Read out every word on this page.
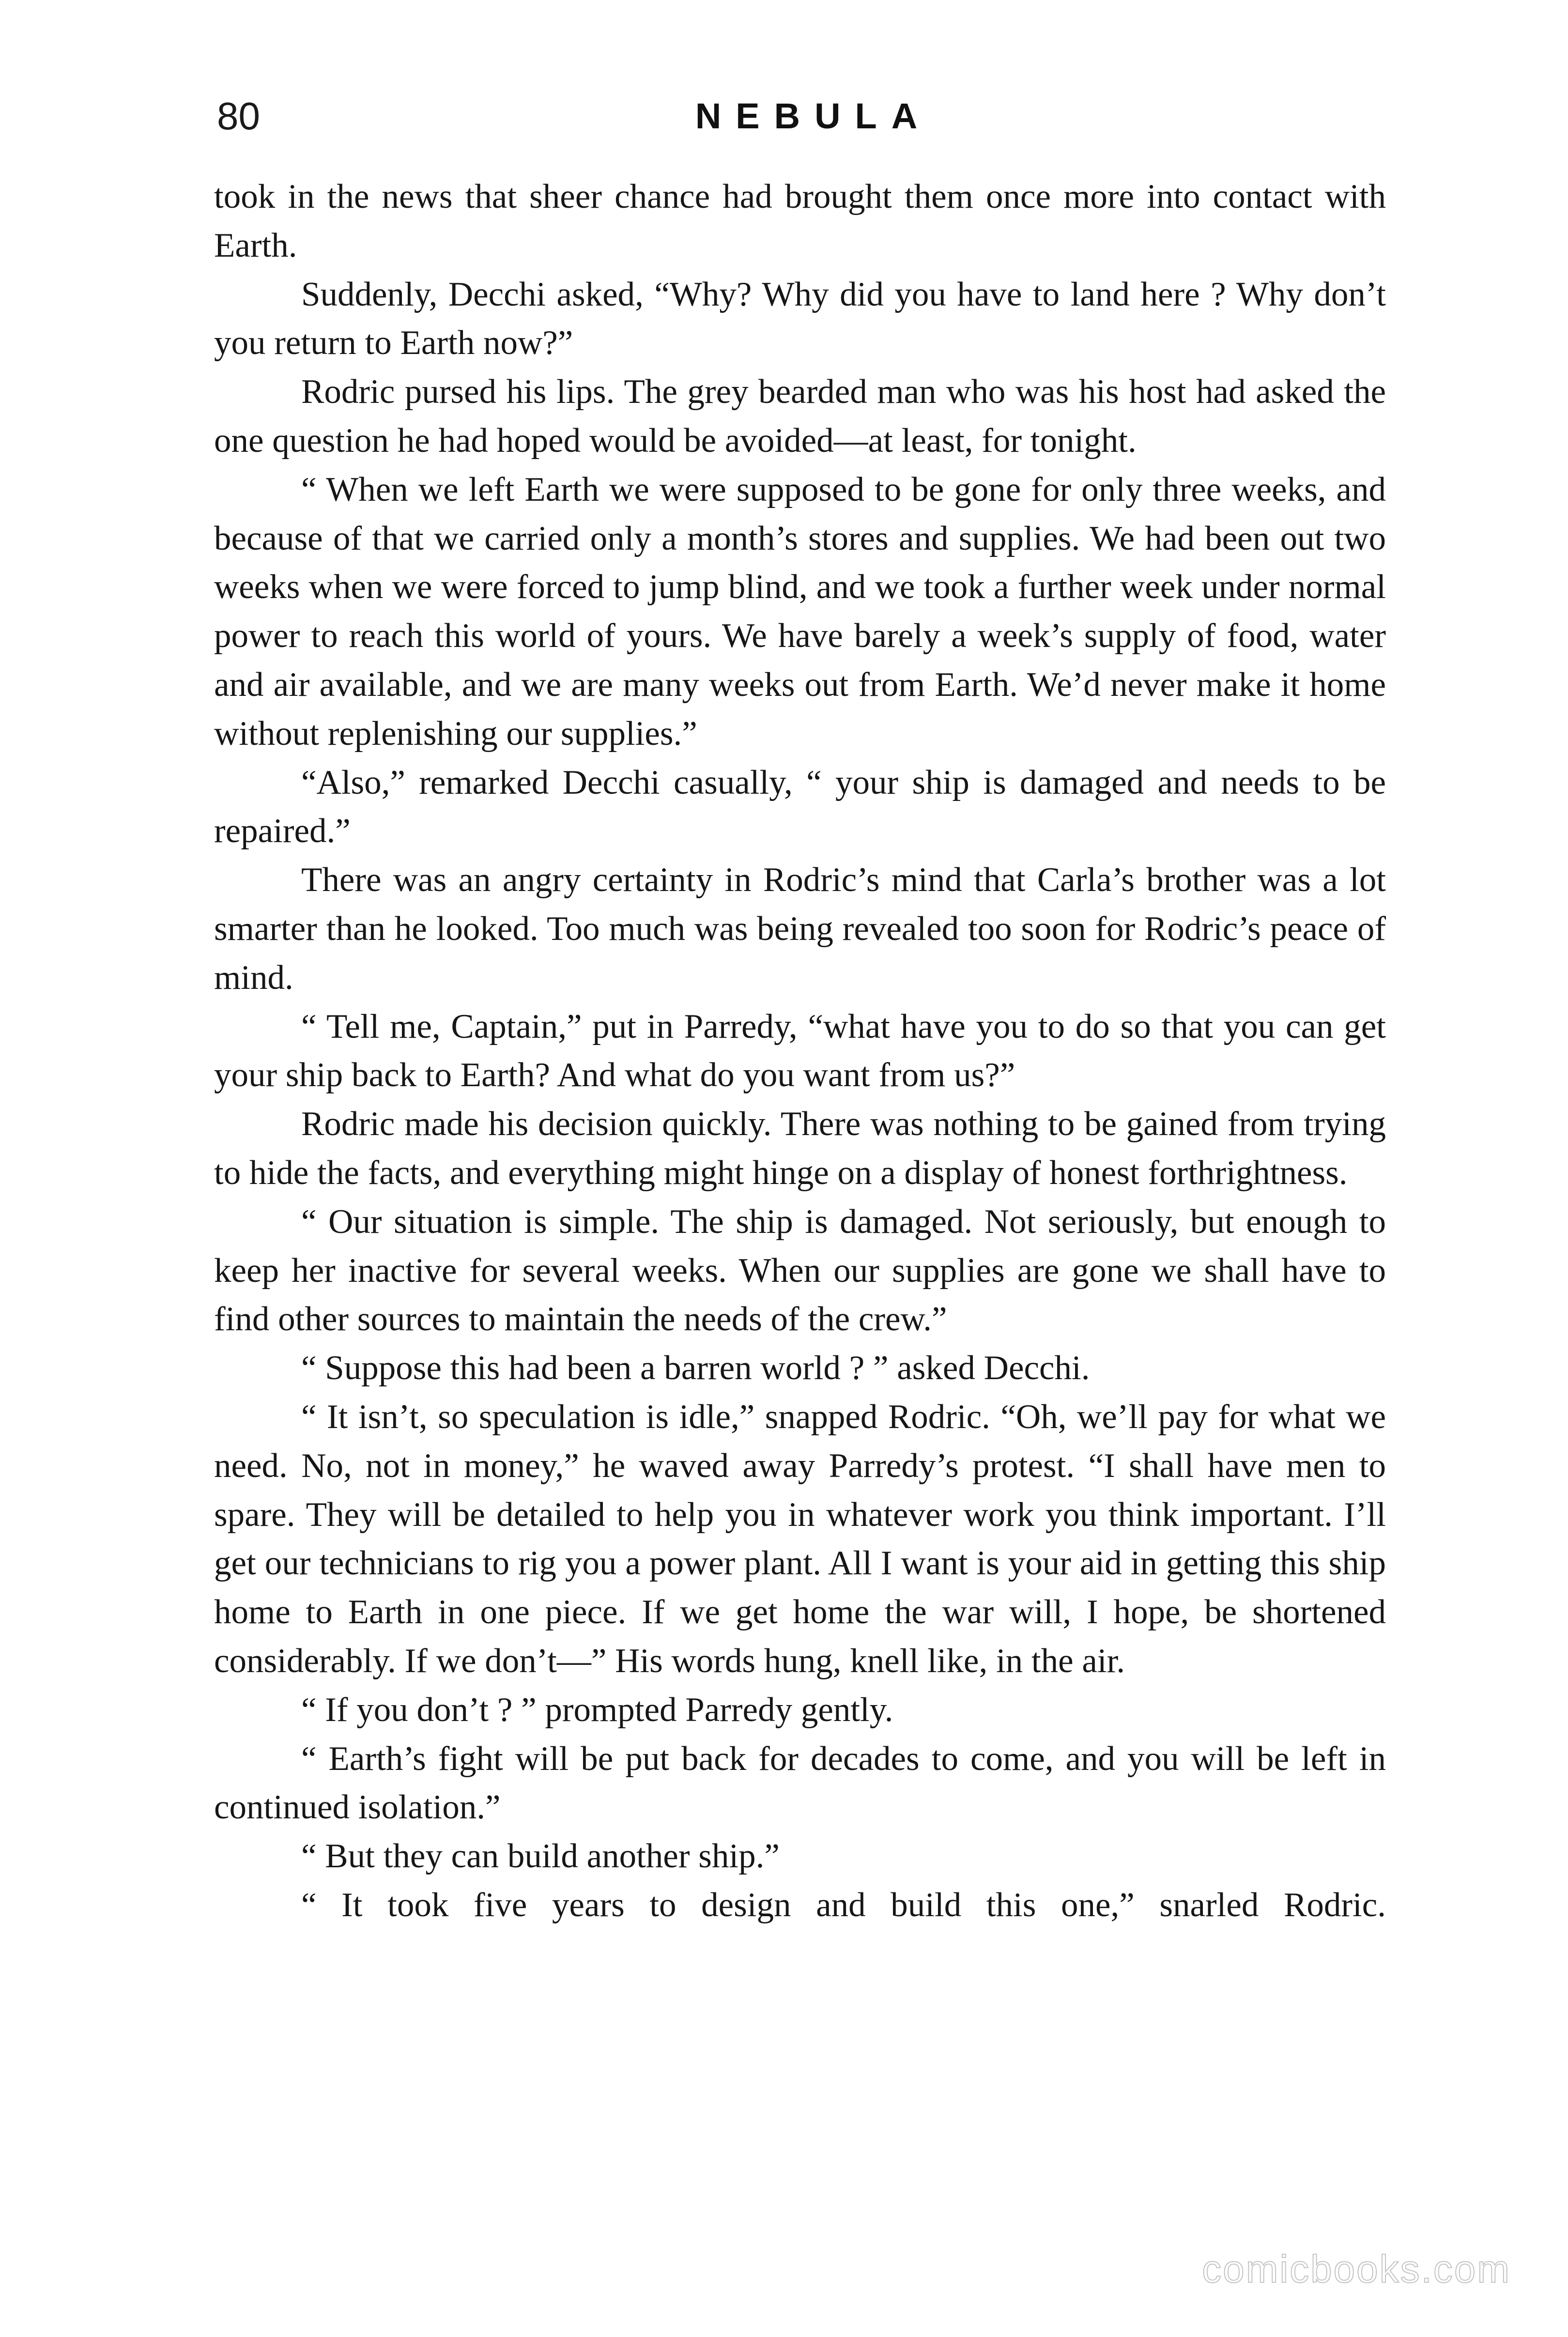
80	NEBULA

took in the news that sheer chance had brought them once more into contact with Earth.

Suddenly, Decchi asked, “Why? Why did you have to land here ? Why don’t you return to Earth now?”

Rodric pursed his lips. The grey bearded man who was his host had asked the one question he had hoped would be avoided—at least, for tonight.

“ When we left Earth we were supposed to be gone for only three weeks, and because of that we carried only a month’s stores and supplies. We had been out two weeks when we were forced to jump blind, and we took a further week under normal power to reach this world of yours. We have barely a week’s supply of food, water and air available, and we are many weeks out from Earth. We’d never make it home without replenishing our supplies.”

“Also,” remarked Decchi casually, “ your ship is damaged and needs to be repaired.”

There was an angry certainty in Rodric’s mind that Carla’s brother was a lot smarter than he looked. Too much was being revealed too soon for Rodric’s peace of mind.

“ Tell me, Captain,” put in Parredy, “what have you to do so that you can get your ship back to Earth? And what do you want from us?”

Rodric made his decision quickly. There was nothing to be gained from trying to hide the facts, and everything might hinge on a display of honest forthrightness.

“ Our situation is simple. The ship is damaged. Not seriously, but enough to keep her inactive for several weeks. When our supplies are gone we shall have to find other sources to maintain the needs of the crew.”

“ Suppose this had been a barren world ? ” asked Decchi.

“ It isn’t, so speculation is idle,” snapped Rodric. “Oh, we’ll pay for what we need. No, not in money,” he waved away Parredy’s protest. “I shall have men to spare. They will be detailed to help you in whatever work you think important. I’ll get our technicians to rig you a power plant. All I want is your aid in getting this ship home to Earth in one piece. If we get home the war will, I hope, be shortened considerably. If we don’t—” His words hung, knell like, in the air.

“ If you don’t ? ” prompted Parredy gently.

“ Earth’s fight will be put back for decades to come, and you will be left in continued isolation.”

“ But they can build another ship.”

“ It took five years to design and build this one,” snarled Rodric.

comicbooks.com
